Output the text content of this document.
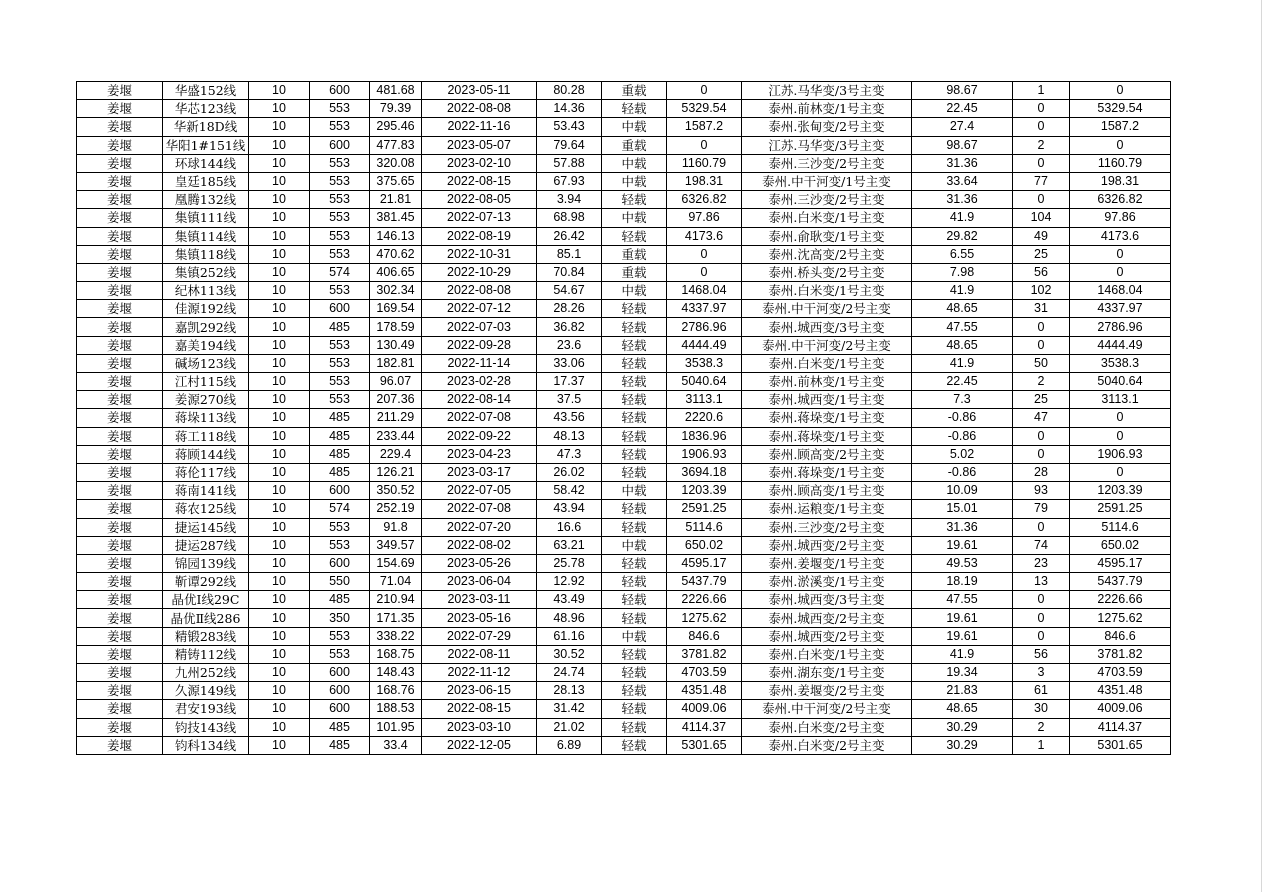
姜堰	华盛152线	10	600	481.68	2023-05-11	80.28	重载	0	江苏.马华变/3号主变	98.67	1	0
姜堰	华芯123线	10	553	79.39	2022-08-08	14.36	轻载	5329.54	泰州.前林变/1号主变	22.45	0	5329.54
姜堰	华新18D线	10	553	295.46	2022-11-16	53.43	中载	1587.2	泰州.张甸变/2号主变	27.4	0	1587.2
姜堰	华阳1#151线	10	600	477.83	2023-05-07	79.64	重载	0	江苏.马华变/3号主变	98.67	2	0
姜堰	环球144线	10	553	320.08	2023-02-10	57.88	中载	1160.79	泰州.三沙变/2号主变	31.36	0	1160.79
姜堰	皇廷185线	10	553	375.65	2022-08-15	67.93	中载	198.31	泰州.中干河变/1号主变	33.64	77	198.31
姜堰	凰腾132线	10	553	21.81	2022-08-05	3.94	轻载	6326.82	泰州.三沙变/2号主变	31.36	0	6326.82
姜堰	集镇111线	10	553	381.45	2022-07-13	68.98	中载	97.86	泰州.白米变/1号主变	41.9	104	97.86
姜堰	集镇114线	10	553	146.13	2022-08-19	26.42	轻载	4173.6	泰州.俞耿变/1号主变	29.82	49	4173.6
姜堰	集镇118线	10	553	470.62	2022-10-31	85.1	重载	0	泰州.沈高变/2号主变	6.55	25	0
姜堰	集镇252线	10	574	406.65	2022-10-29	70.84	重载	0	泰州.桥头变/2号主变	7.98	56	0
姜堰	纪林113线	10	553	302.34	2022-08-08	54.67	中载	1468.04	泰州.白米变/1号主变	41.9	102	1468.04
姜堰	佳源192线	10	600	169.54	2022-07-12	28.26	轻载	4337.97	泰州.中干河变/2号主变	48.65	31	4337.97
姜堰	嘉凯292线	10	485	178.59	2022-07-03	36.82	轻载	2786.96	泰州.城西变/3号主变	47.55	0	2786.96
姜堰	嘉美194线	10	553	130.49	2022-09-28	23.6	轻载	4444.49	泰州.中干河变/2号主变	48.65	0	4444.49
姜堰	碱场123线	10	553	182.81	2022-11-14	33.06	轻载	3538.3	泰州.白米变/1号主变	41.9	50	3538.3
姜堰	江村115线	10	553	96.07	2023-02-28	17.37	轻载	5040.64	泰州.前林变/1号主变	22.45	2	5040.64
姜堰	姜源270线	10	553	207.36	2022-08-14	37.5	轻载	3113.1	泰州.城西变/1号主变	7.3	25	3113.1
姜堰	蒋垛113线	10	485	211.29	2022-07-08	43.56	轻载	2220.6	泰州.蒋垛变/1号主变	-0.86	47	0
姜堰	蒋工118线	10	485	233.44	2022-09-22	48.13	轻载	1836.96	泰州.蒋垛变/1号主变	-0.86	0	0
姜堰	蒋顾144线	10	485	229.4	2023-04-23	47.3	轻载	1906.93	泰州.顾高变/2号主变	5.02	0	1906.93
姜堰	蒋伦117线	10	485	126.21	2023-03-17	26.02	轻载	3694.18	泰州.蒋垛变/1号主变	-0.86	28	0
姜堰	蒋南141线	10	600	350.52	2022-07-05	58.42	中载	1203.39	泰州.顾高变/1号主变	10.09	93	1203.39
姜堰	蒋农125线	10	574	252.19	2022-07-08	43.94	轻载	2591.25	泰州.运粮变/1号主变	15.01	79	2591.25
姜堰	捷运145线	10	553	91.8	2022-07-20	16.6	轻载	5114.6	泰州.三沙变/2号主变	31.36	0	5114.6
姜堰	捷运287线	10	553	349.57	2022-08-02	63.21	中载	650.02	泰州.城西变/2号主变	19.61	74	650.02
姜堰	锦园139线	10	600	154.69	2023-05-26	25.78	轻载	4595.17	泰州.姜堰变/1号主变	49.53	23	4595.17
姜堰	靳谭292线	10	550	71.04	2023-06-04	12.92	轻载	5437.79	泰州.淤溪变/1号主变	18.19	13	5437.79
姜堰	晶优Ⅰ线29C	10	485	210.94	2023-03-11	43.49	轻载	2226.66	泰州.城西变/3号主变	47.55	0	2226.66
姜堰	晶优Ⅱ线286	10	350	171.35	2023-05-16	48.96	轻载	1275.62	泰州.城西变/2号主变	19.61	0	1275.62
姜堰	精锻283线	10	553	338.22	2022-07-29	61.16	中载	846.6	泰州.城西变/2号主变	19.61	0	846.6
姜堰	精铸112线	10	553	168.75	2022-08-11	30.52	轻载	3781.82	泰州.白米变/1号主变	41.9	56	3781.82
姜堰	九州252线	10	600	148.43	2022-11-12	24.74	轻载	4703.59	泰州.湖东变/1号主变	19.34	3	4703.59
姜堰	久源149线	10	600	168.76	2023-06-15	28.13	轻载	4351.48	泰州.姜堰变/2号主变	21.83	61	4351.48
姜堰	君安193线	10	600	188.53	2022-08-15	31.42	轻载	4009.06	泰州.中干河变/2号主变	48.65	30	4009.06
姜堰	钧技143线	10	485	101.95	2023-03-10	21.02	轻载	4114.37	泰州.白米变/2号主变	30.29	2	4114.37
姜堰	钧科134线	10	485	33.4	2022-12-05	6.89	轻载	5301.65	泰州.白米变/2号主变	30.29	1	5301.65
